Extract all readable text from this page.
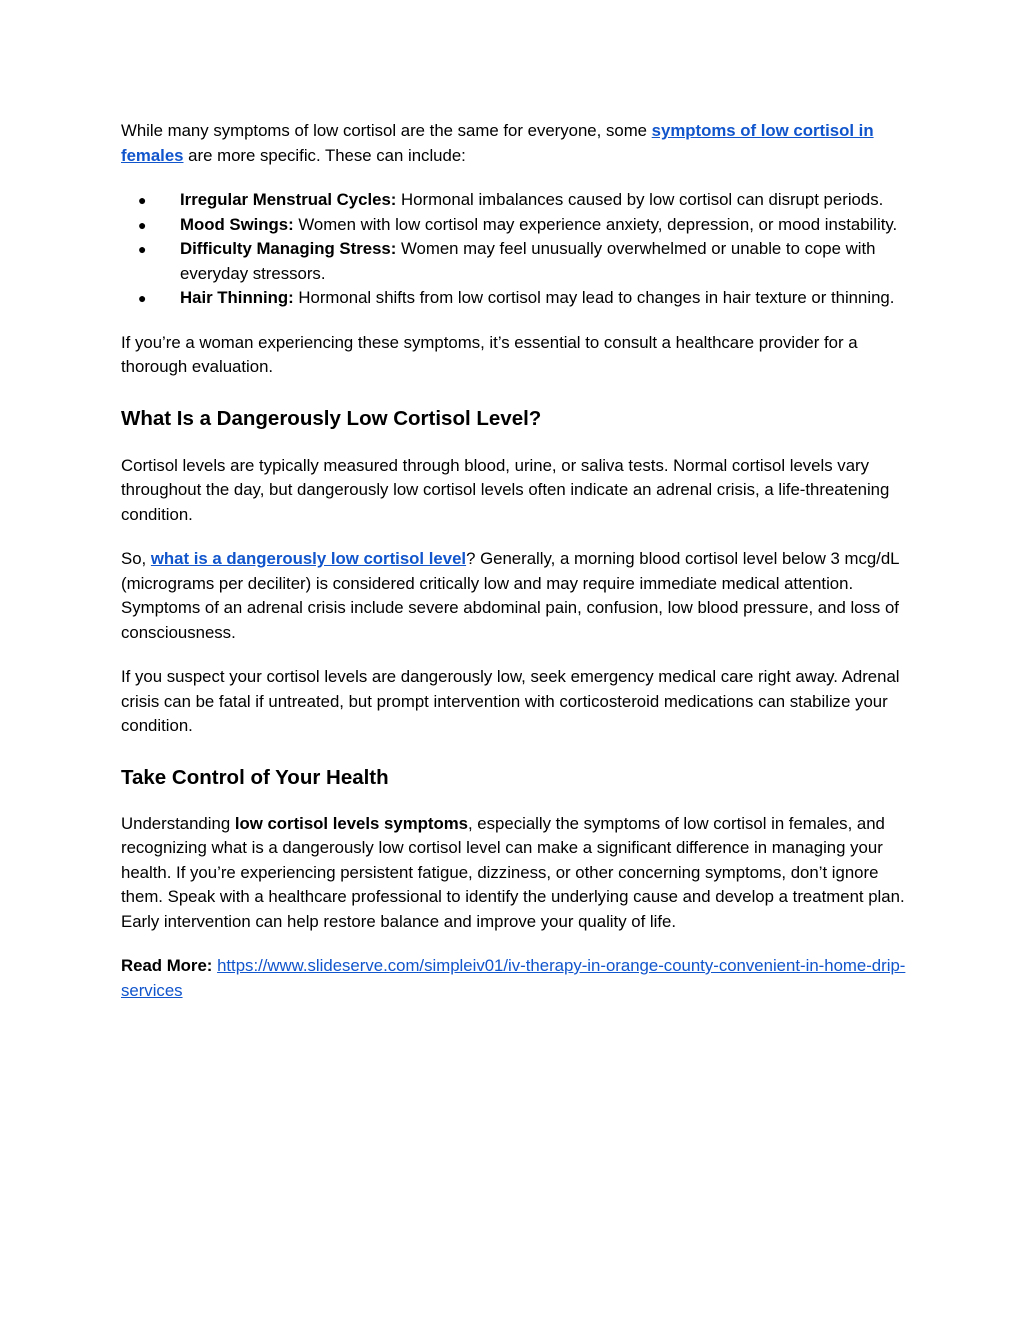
While many symptoms of low cortisol are the same for everyone, some symptoms of low cortisol in females are more specific. These can include:

● Irregular Menstrual Cycles: Hormonal imbalances caused by low cortisol can disrupt periods.
● Mood Swings: Women with low cortisol may experience anxiety, depression, or mood instability.
● Difficulty Managing Stress: Women may feel unusually overwhelmed or unable to cope with everyday stressors.
● Hair Thinning: Hormonal shifts from low cortisol may lead to changes in hair texture or thinning.

If you’re a woman experiencing these symptoms, it’s essential to consult a healthcare provider for a thorough evaluation.

What Is a Dangerously Low Cortisol Level?

Cortisol levels are typically measured through blood, urine, or saliva tests. Normal cortisol levels vary throughout the day, but dangerously low cortisol levels often indicate an adrenal crisis, a life-threatening condition.

So, what is a dangerously low cortisol level? Generally, a morning blood cortisol level below 3 mcg/dL (micrograms per deciliter) is considered critically low and may require immediate medical attention. Symptoms of an adrenal crisis include severe abdominal pain, confusion, low blood pressure, and loss of consciousness.

If you suspect your cortisol levels are dangerously low, seek emergency medical care right away. Adrenal crisis can be fatal if untreated, but prompt intervention with corticosteroid medications can stabilize your condition.

Take Control of Your Health

Understanding low cortisol levels symptoms, especially the symptoms of low cortisol in females, and recognizing what is a dangerously low cortisol level can make a significant difference in managing your health. If you’re experiencing persistent fatigue, dizziness, or other concerning symptoms, don’t ignore them. Speak with a healthcare professional to identify the underlying cause and develop a treatment plan. Early intervention can help restore balance and improve your quality of life.

Read More: https://www.slideserve.com/simpleiv01/iv-therapy-in-orange-county-convenient-in-home-drip-services
